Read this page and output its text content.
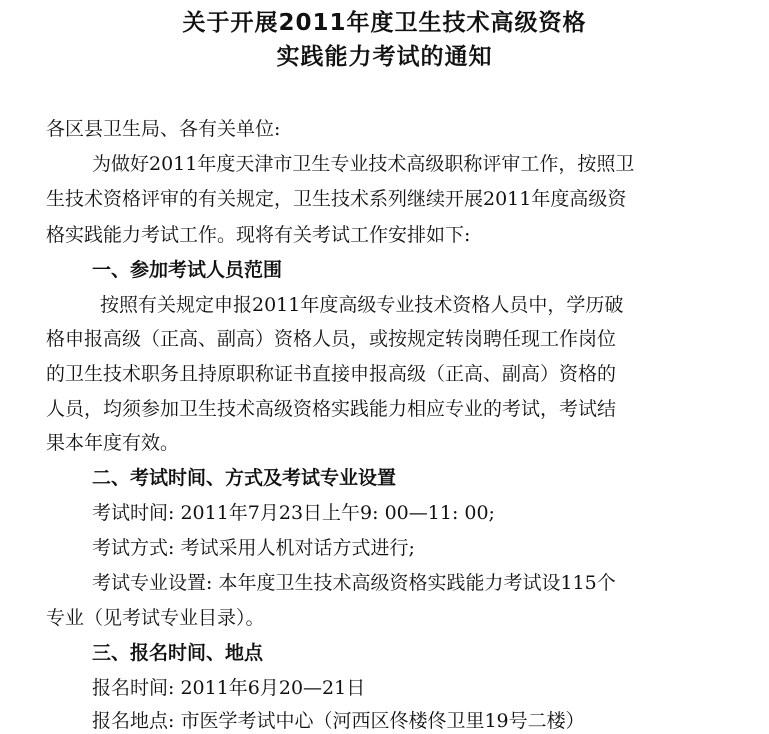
关于开展2011年度卫生技术高级资格
实践能力考试的通知
各区县卫生局、各有关单位:
为做好2011年度天津市卫生专业技术高级职称评审工作，按照卫
生技术资格评审的有关规定，卫生技术系列继续开展2011年度高级资
格实践能力考试工作。现将有关考试工作安排如下:
一、参加考试人员范围
按照有关规定申报2011年度高级专业技术资格人员中，学历破
格申报高级（正高、副高）资格人员，或按规定转岗聘任现工作岗位
的卫生技术职务且持原职称证书直接申报高级（正高、副高）资格的
人员，均须参加卫生技术高级资格实践能力相应专业的考试，考试结
果本年度有效。
二、考试时间、方式及考试专业设置
考试时间: 2011年7月23日上午9: 00—11: 00;
考试方式: 考试采用人机对话方式进行;
考试专业设置: 本年度卫生技术高级资格实践能力考试设115个
专业（见考试专业目录）。
三、报名时间、地点
报名时间: 2011年6月20—21日
报名地点: 市医学考试中心（河西区佟楼佟卫里19号二楼）
